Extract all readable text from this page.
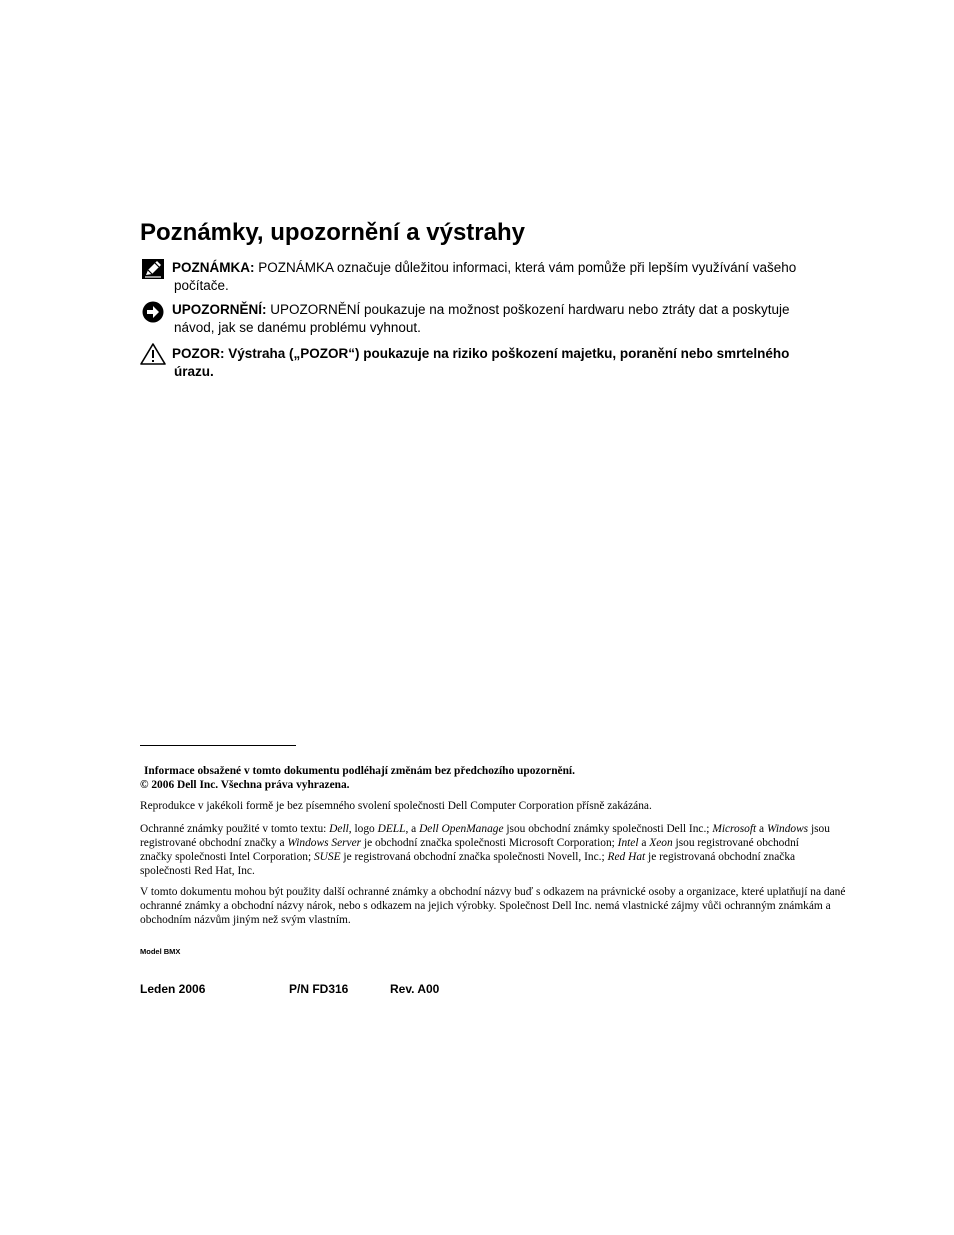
Poznámky, upozornění a výstrahy
POZNÁMKA: POZNÁMKA označuje důležitou informaci, která vám pomůže při lepším využívání vašeho
počítače.
UPOZORNĚNÍ: UPOZORNĚNÍ poukazuje na možnost poškození hardwaru nebo ztráty dat a poskytuje
návod, jak se danému problému vyhnout.
POZOR: Výstraha („POZOR“) poukazuje na riziko poškození majetku, poranění nebo smrtelného
úrazu.

Informace obsažené v tomto dokumentu podléhají změnám bez předchozího upozornění.

© 2006 Dell Inc. Všechna práva vyhrazena.

Reprodukce v jakékoli formě je bez písemného svolení společnosti Dell Computer Corporation přísně zakázána.

Ochranné známky použité v tomto textu: Dell, logo DELL, a Dell OpenManage jsou obchodní známky společnosti Dell Inc.; Microsoft a Windows jsou registrované obchodní značky a Windows Server je obchodní značka společnosti Microsoft Corporation; Intel a Xeon jsou registrované obchodní značky společnosti Intel Corporation; SUSE je registrovaná obchodní značka společnosti Novell, Inc.; Red Hat je registrovaná obchodní značka společnosti Red Hat, Inc.

V tomto dokumentu mohou být použity další ochranné známky a obchodní názvy buď s odkazem na právnické osoby a organizace, které uplatňují na dané ochranné známky a obchodní názvy nárok, nebo s odkazem na jejich výrobky. Společnost Dell Inc. nemá vlastnické zájmy vůči ochranným známkám a obchodním názvům jiným než svým vlastním.

Model BMX
Leden 2006	P/N FD316	Rev. A00
